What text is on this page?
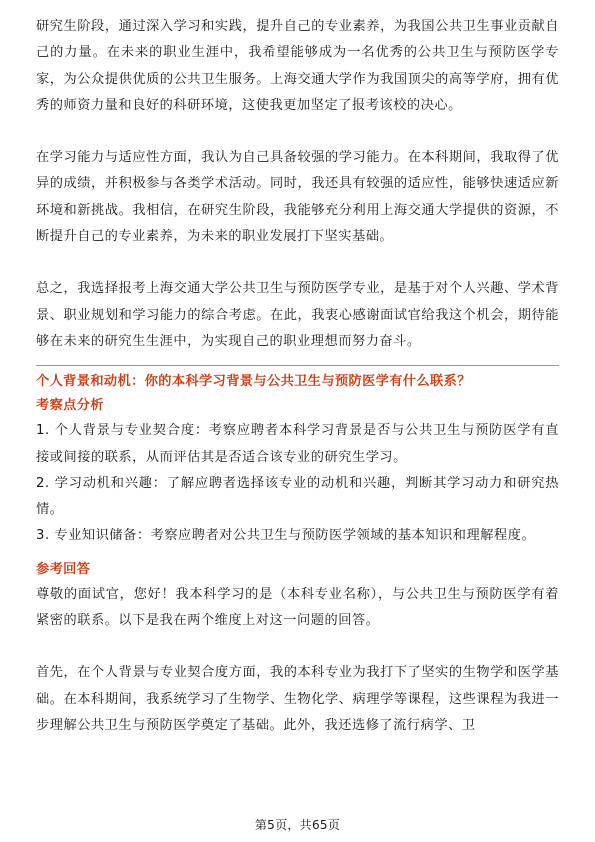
研究生阶段，通过深入学习和实践，提升自己的专业素养，为我国公共卫生事业贡献自己的力量。在未来的职业生涯中，我希望能够成为一名优秀的公共卫生与预防医学专家，为公众提供优质的公共卫生服务。上海交通大学作为我国顶尖的高等学府，拥有优秀的师资力量和良好的科研环境，这使我更加坚定了报考该校的决心。

在学习能力与适应性方面，我认为自己具备较强的学习能力。在本科期间，我取得了优异的成绩，并积极参与各类学术活动。同时，我还具有较强的适应性，能够快速适应新环境和新挑战。我相信，在研究生阶段，我能够充分利用上海交通大学提供的资源，不断提升自己的专业素养，为未来的职业发展打下坚实基础。

总之，我选择报考上海交通大学公共卫生与预防医学专业，是基于对个人兴趣、学术背景、职业规划和学习能力的综合考虑。在此，我衷心感谢面试官给我这个机会，期待能够在未来的研究生生涯中，为实现自己的职业理想而努力奋斗。

个人背景和动机：你的本科学习背景与公共卫生与预防医学有什么联系？

考察点分析

1. 个人背景与专业契合度：考察应聘者本科学习背景是否与公共卫生与预防医学有直接或间接的联系，从而评估其是否适合该专业的研究生学习。

2. 学习动机和兴趣：了解应聘者选择该专业的动机和兴趣，判断其学习动力和研究热情。

3. 专业知识储备：考察应聘者对公共卫生与预防医学领域的基本知识和理解程度。

参考回答

尊敬的面试官，您好！我本科学习的是（本科专业名称），与公共卫生与预防医学有着紧密的联系。以下是我在两个维度上对这一问题的回答。

首先，在个人背景与专业契合度方面，我的本科专业为我打下了坚实的生物学和医学基础。在本科期间，我系统学习了生物学、生物化学、病理学等课程，这些课程为我进一步理解公共卫生与预防医学奠定了基础。此外，我还选修了流行病学、卫

第5页，共65页
